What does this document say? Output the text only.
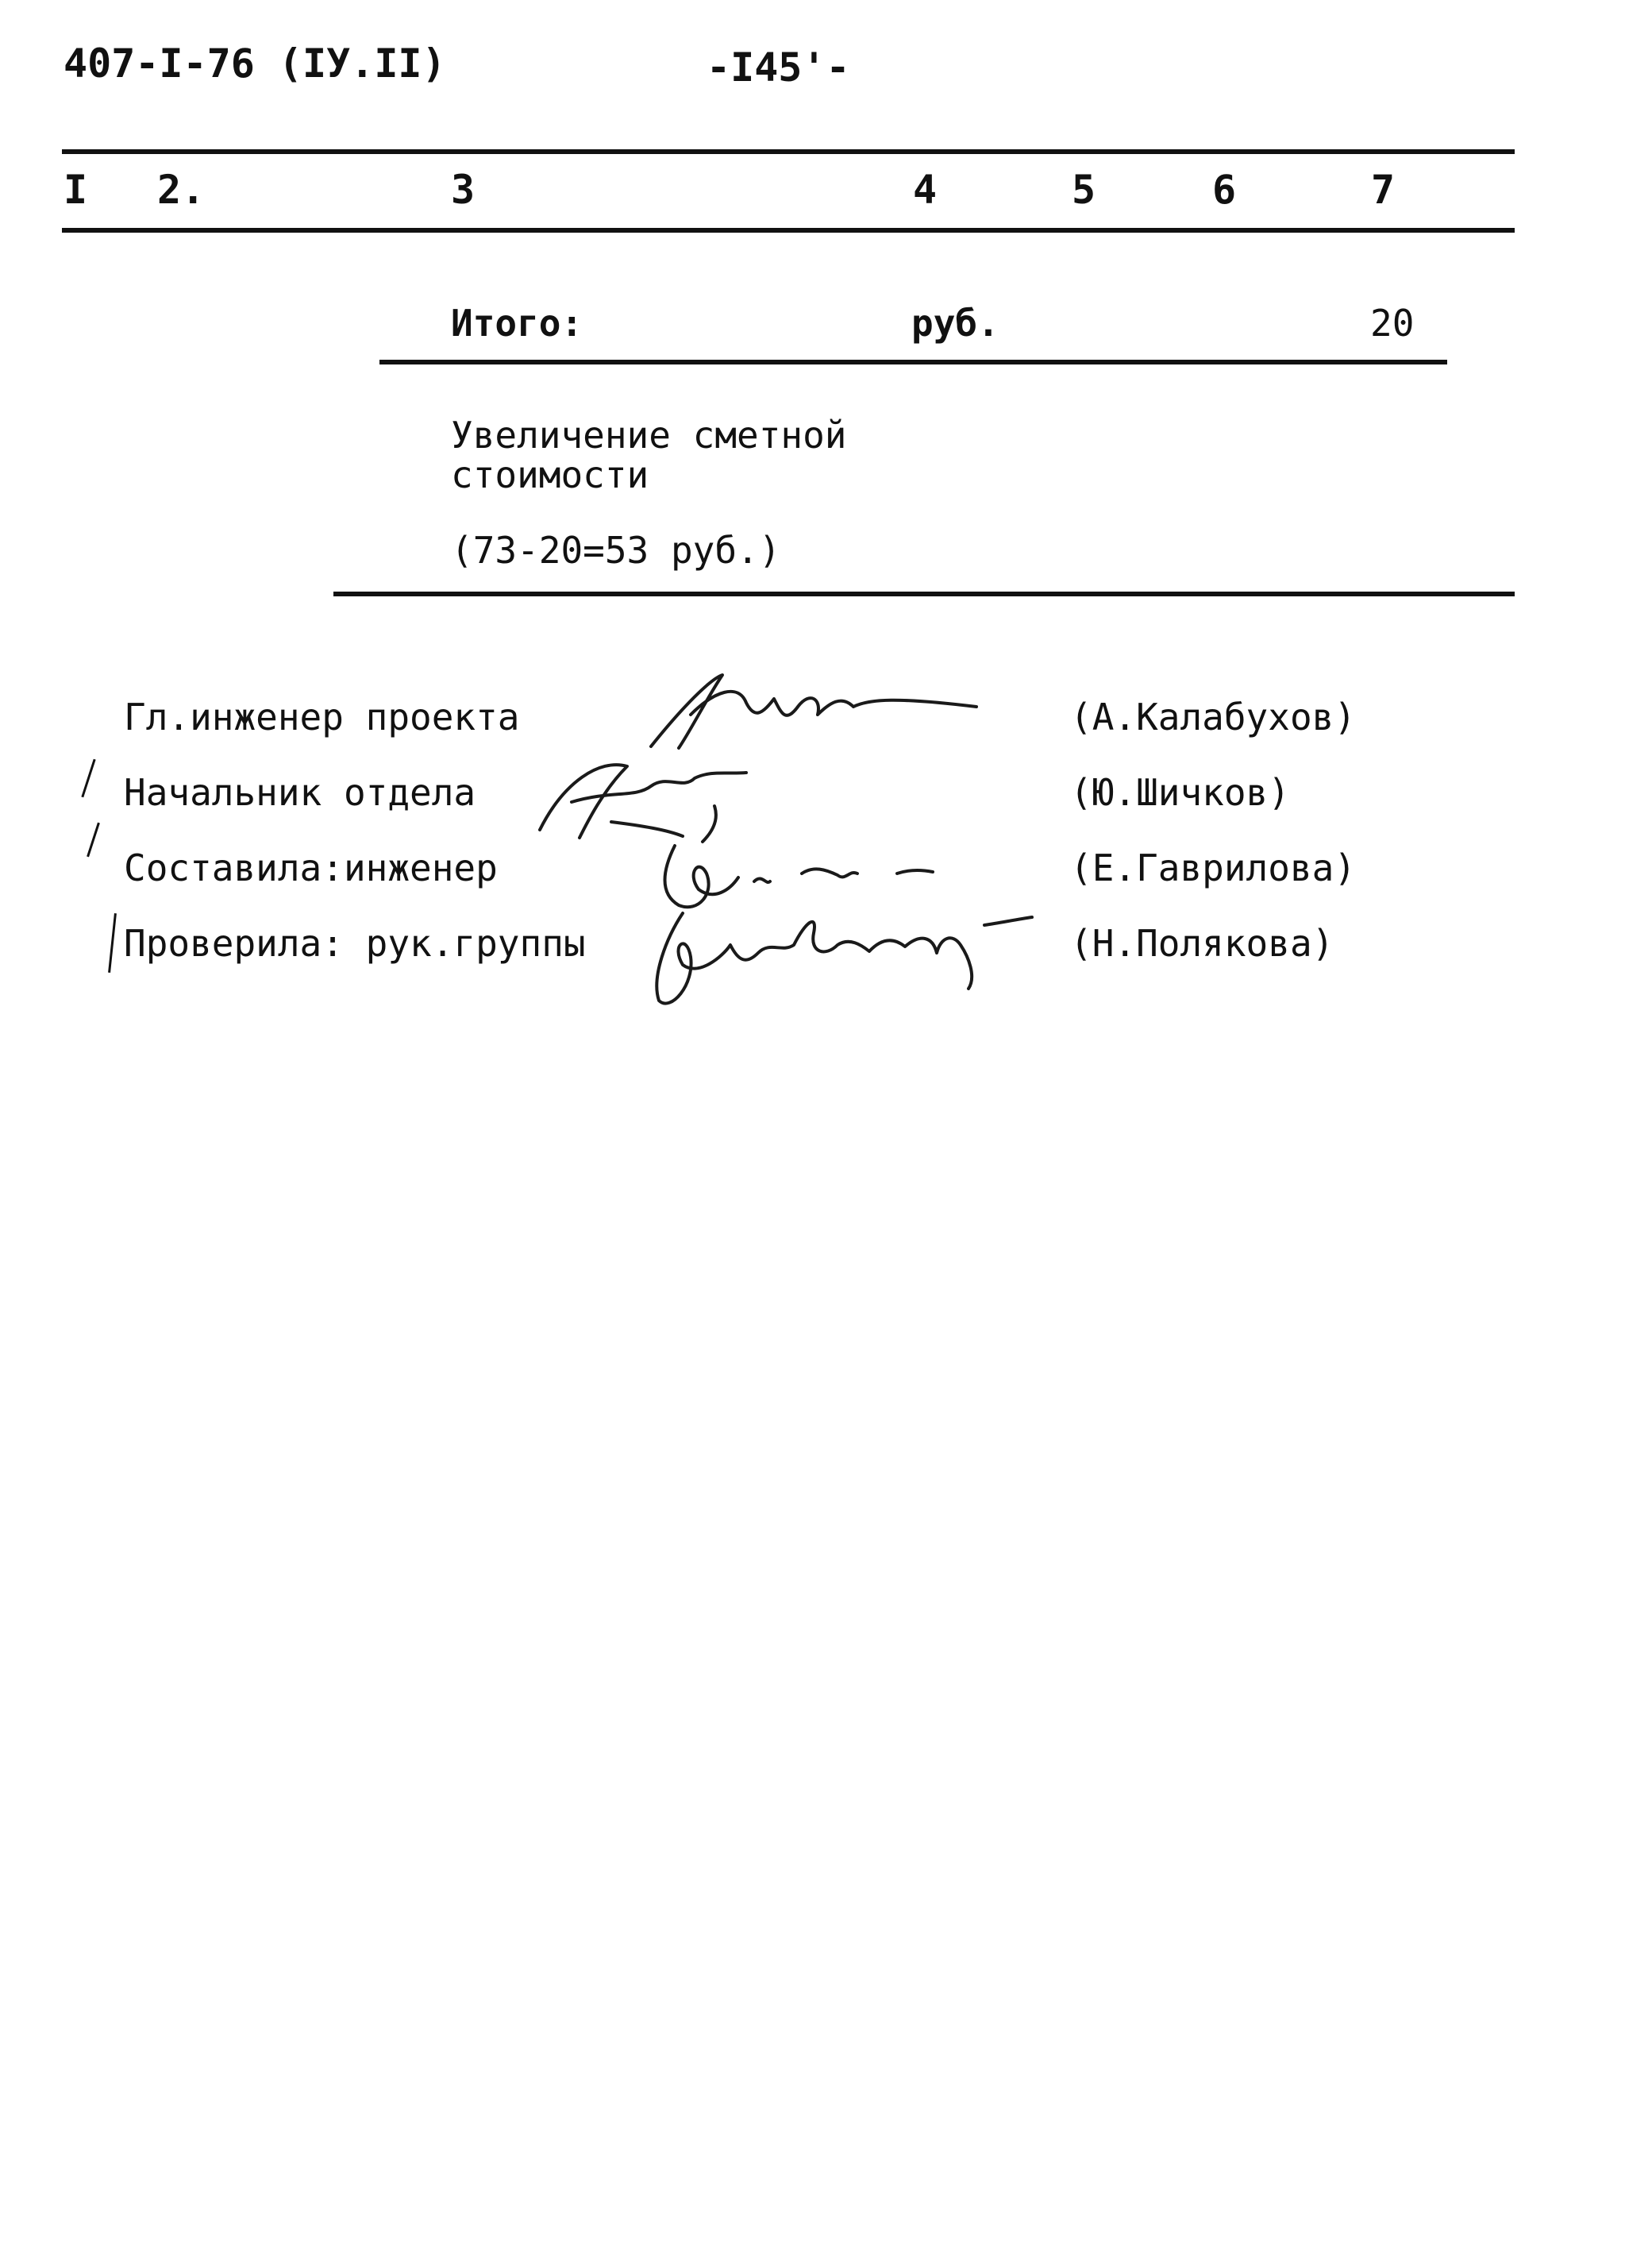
407-I-76 (IУ.II)	-I45'-
I 2.	3	4	5	6	7
Итого:	руб.	20
Увеличение сметной
стоимости
(73-20=53 руб.)
Гл.инженер проекта	(А.Калабухов)
Начальник отдела	(Ю.Шичков)
Составила:инженер	(Е.Гаврилова)
Проверила: рук.группы	(Н.Полякова)
